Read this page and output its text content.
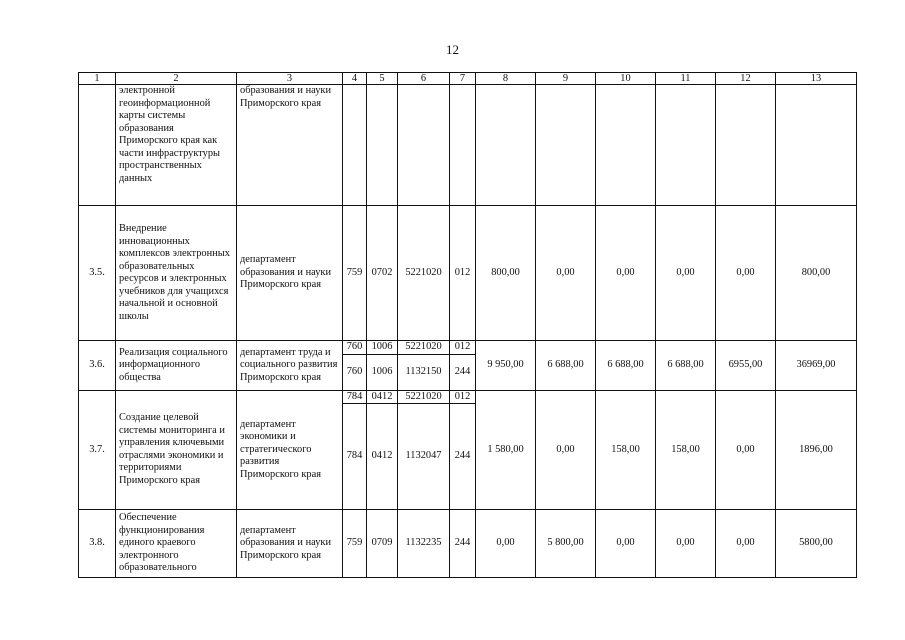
12
1	2	3	4	5	6	7	8	9	10	11	12	13
	электронной геоинформационной карты системы образования Приморского края как части инфраструктуры пространственных данных	образования и науки Приморского края										
3.5.	Внедрение инновационных комплексов электронных образовательных ресурсов и электронных учебников для учащихся начальной и основной школы	департамент образования и науки Приморского края	759	0702	5221020	012	800,00	0,00	0,00	0,00	0,00	800,00
3.6.	Реализация социального информационного общества	департамент труда и социального развития Приморского края	760	1006	5221020	012	9 950,00	6 688,00	6 688,00	6 688,00	6955,00	36969,00
			760	1006	1132150	244						
3.7.	Создание целевой системы мониторинга и управления ключевыми отраслями экономики и территориями Приморского края	департамент экономики и стратегического развития Приморского края	784	0412	5221020	012	1 580,00	0,00	158,00	158,00	0,00	1896,00
			784	0412	1132047	244						
3.8.	Обеспечение функционирования единого краевого электронного образовательного	департамент образования и науки Приморского края	759	0709	1132235	244	0,00	5 800,00	0,00	0,00	0,00	5800,00
